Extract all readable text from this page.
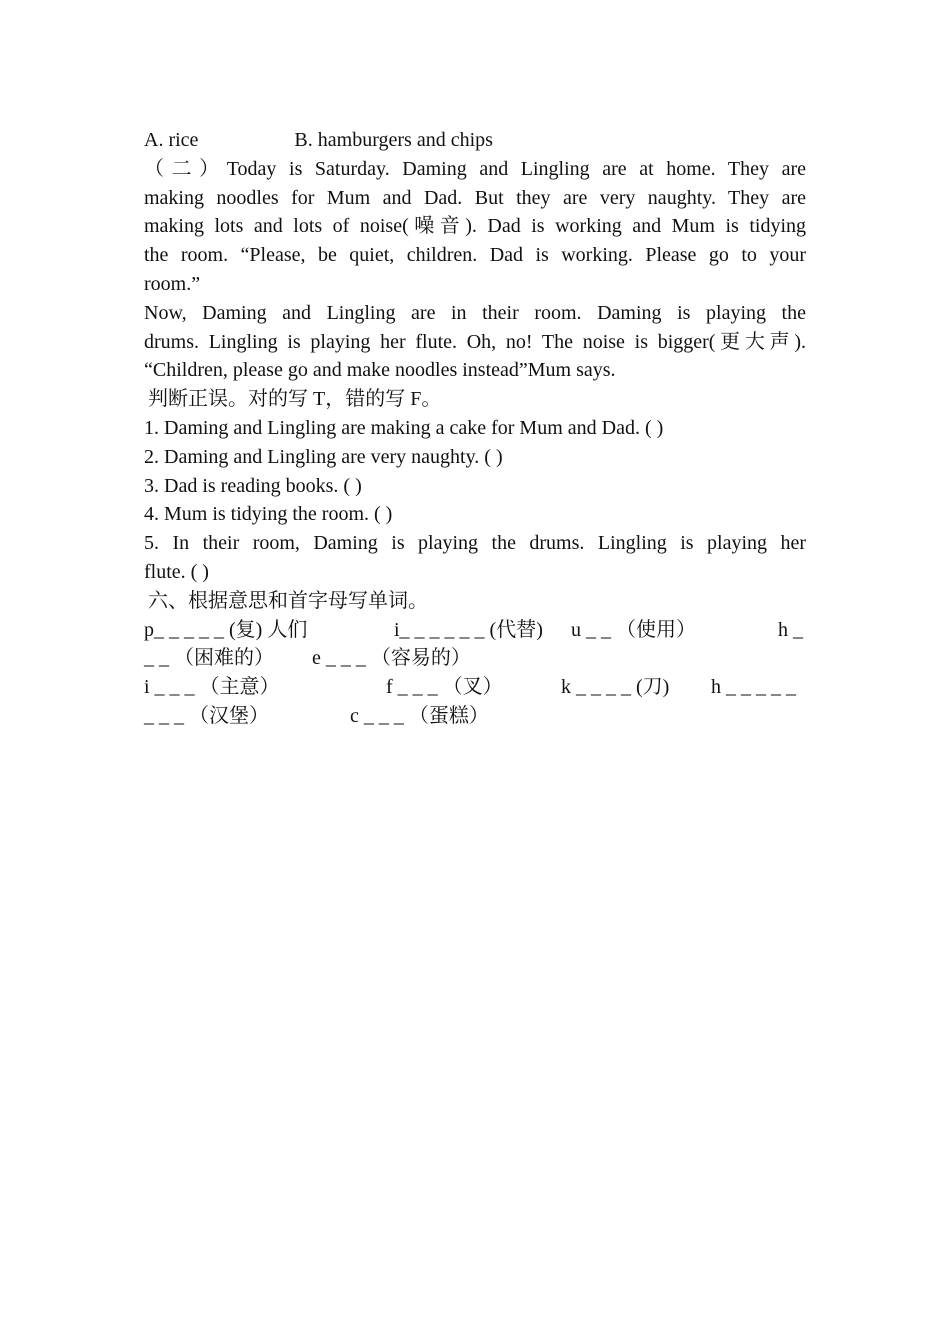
A. rice	B. hamburgers and chips
（二）Today is Saturday. Daming and Lingling are at home. They are
making noodles for Mum and Dad. But they are very naughty. They are
making lots and lots of noise(噪音). Dad is working and Mum is tidying
the room. “Please, be quiet, children. Dad is working. Please go to your
room.”
Now, Daming and Lingling are in their room. Daming is playing the
drums. Lingling is playing her flute. Oh, no! The noise is bigger(更大声).
“Children, please go and make noodles instead”Mum says.
判断正误。对的写 T，错的写 F。
1. Daming and Lingling are making a cake for Mum and Dad. ( )
2. Daming and Lingling are very naughty. ( )
3. Dad is reading books. ( )
4. Mum is tidying the room. ( )
5. In their room, Daming is playing the drums. Lingling is playing her
flute. ( )
六、根据意思和首字母写单词。
p_ _ _ _ _ (复) 人们	i_ _ _ _ _ _ (代替) u _ _ （使用）	h _
_ _ （困难的） e _ _ _ （容易的）
i _ _ _ （主意）	f _ _ _ （叉）	k _ _ _ _ (刀) h _ _ _ _ _
_ _ _ （汉堡）	c _ _ _ （蛋糕）
